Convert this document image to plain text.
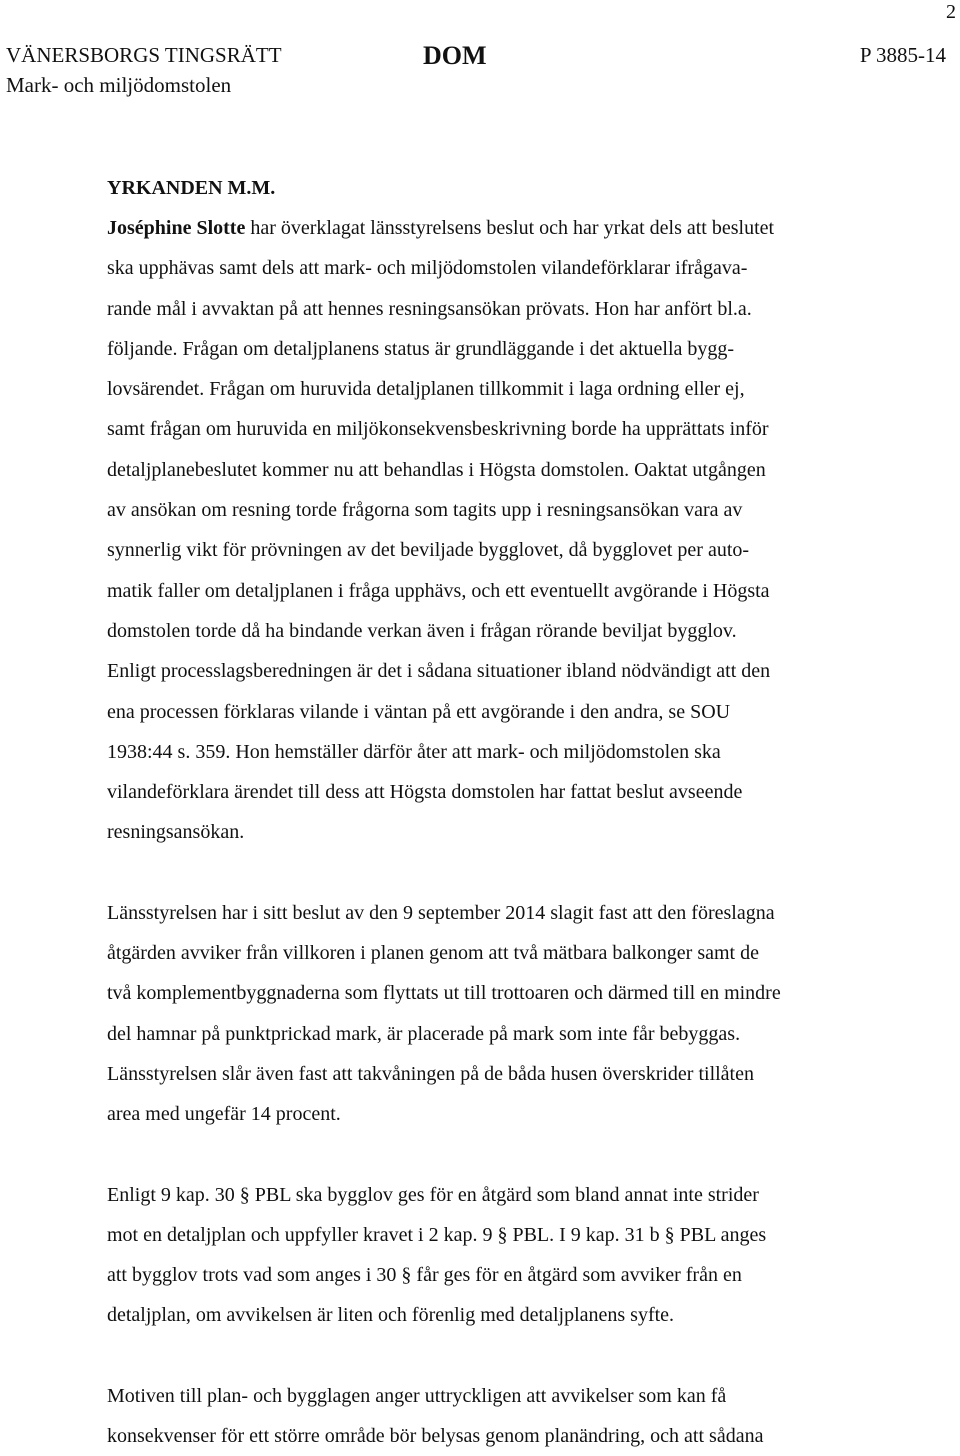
2
VÄNERSBORGS TINGSRÄTT
Mark- och miljödomstolen
DOM	P 3885-14
YRKANDEN M.M.
Joséphine Slotte har överklagat länsstyrelsens beslut och har yrkat dels att beslutet
ska upphävas samt dels att mark- och miljödomstolen vilandeförklarar ifrågava-
rande mål i avvaktan på att hennes resningsansökan prövats. Hon har anfört bl.a.
följande. Frågan om detaljplanens status är grundläggande i det aktuella bygg-
lovsärendet. Frågan om huruvida detaljplanen tillkommit i laga ordning eller ej,
samt frågan om huruvida en miljökonsekvensbeskrivning borde ha upprättats inför
detaljplanebeslutet kommer nu att behandlas i Högsta domstolen. Oaktat utgången
av ansökan om resning torde frågorna som tagits upp i resningsansökan vara av
synnerlig vikt för prövningen av det beviljade bygglovet, då bygglovet per auto-
matik faller om detaljplanen i fråga upphävs, och ett eventuellt avgörande i Högsta
domstolen torde då ha bindande verkan även i frågan rörande beviljat bygglov.
Enligt processlagsberedningen är det i sådana situationer ibland nödvändigt att den
ena processen förklaras vilande i väntan på ett avgörande i den andra, se SOU
1938:44 s. 359. Hon hemställer därför åter att mark- och miljödomstolen ska
vilandeförklara ärendet till dess att Högsta domstolen har fattat beslut avseende
resningsansökan.
Länsstyrelsen har i sitt beslut av den 9 september 2014 slagit fast att den föreslagna
åtgärden avviker från villkoren i planen genom att två mätbara balkonger samt de
två komplementbyggnaderna som flyttats ut till trottoaren och därmed till en mindre
del hamnar på punktprickad mark, är placerade på mark som inte får bebyggas.
Länsstyrelsen slår även fast att takvåningen på de båda husen överskrider tillåten
area med ungefär 14 procent.
Enligt 9 kap. 30 § PBL ska bygglov ges för en åtgärd som bland annat inte strider
mot en detaljplan och uppfyller kravet i 2 kap. 9 § PBL. I 9 kap. 31 b § PBL anges
att bygglov trots vad som anges i 30 § får ges för en åtgärd som avviker från en
detaljplan, om avvikelsen är liten och förenlig med detaljplanens syfte.
Motiven till plan- och bygglagen anger uttryckligen att avvikelser som kan få
konsekvenser för ett större område bör belysas genom planändring, och att sådana
